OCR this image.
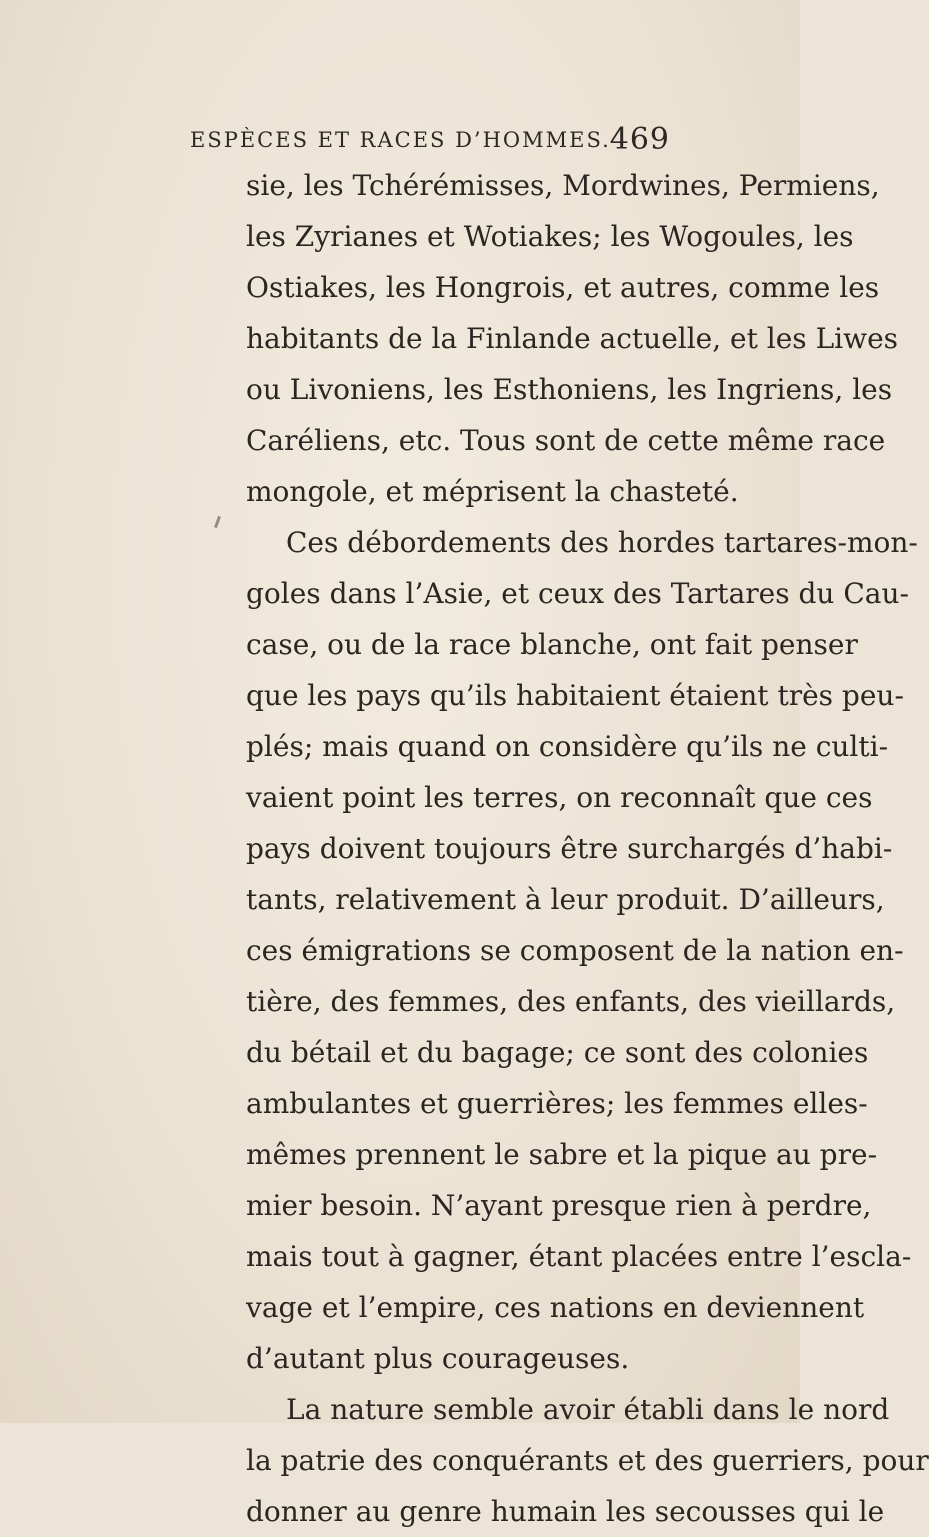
ESPÈCES ET RACES D’HOMMES.
469
sie, les Tchérémisses, Mordwines, Permiens,
les Zyrianes et Wotiakes; les Wogoules, les
Ostiakes, les Hongrois, et autres, comme les
habitants de la Finlande actuelle, et les Liwes
ou Livoniens, les Esthoniens, les Ingriens, les
Caréliens, etc. Tous sont de cette même race
mongole, et méprisent la chasteté.
Ces débordements des hordes tartares-mon-
goles dans l’Asie, et ceux des Tartares du Cau-
case, ou de la race blanche, ont fait penser
que les pays qu’ils habitaient étaient très peu-
plés; mais quand on considère qu’ils ne culti-
vaient point les terres, on reconnaît que ces
pays doivent toujours être surchargés d’habi-
tants, relativement à leur produit. D’ailleurs,
ces émigrations se composent de la nation en-
tière, des femmes, des enfants, des vieillards,
du bétail et du bagage; ce sont des colonies
ambulantes et guerrières; les femmes elles-
mêmes prennent le sabre et la pique au pre-
mier besoin. N’ayant presque rien à perdre,
mais tout à gagner, étant placées entre l’escla-
vage et l’empire, ces nations en deviennent
d’autant plus courageuses.
La nature semble avoir établi dans le nord
la patrie des conquérants et des guerriers, pour
donner au genre humain les secousses qui le
